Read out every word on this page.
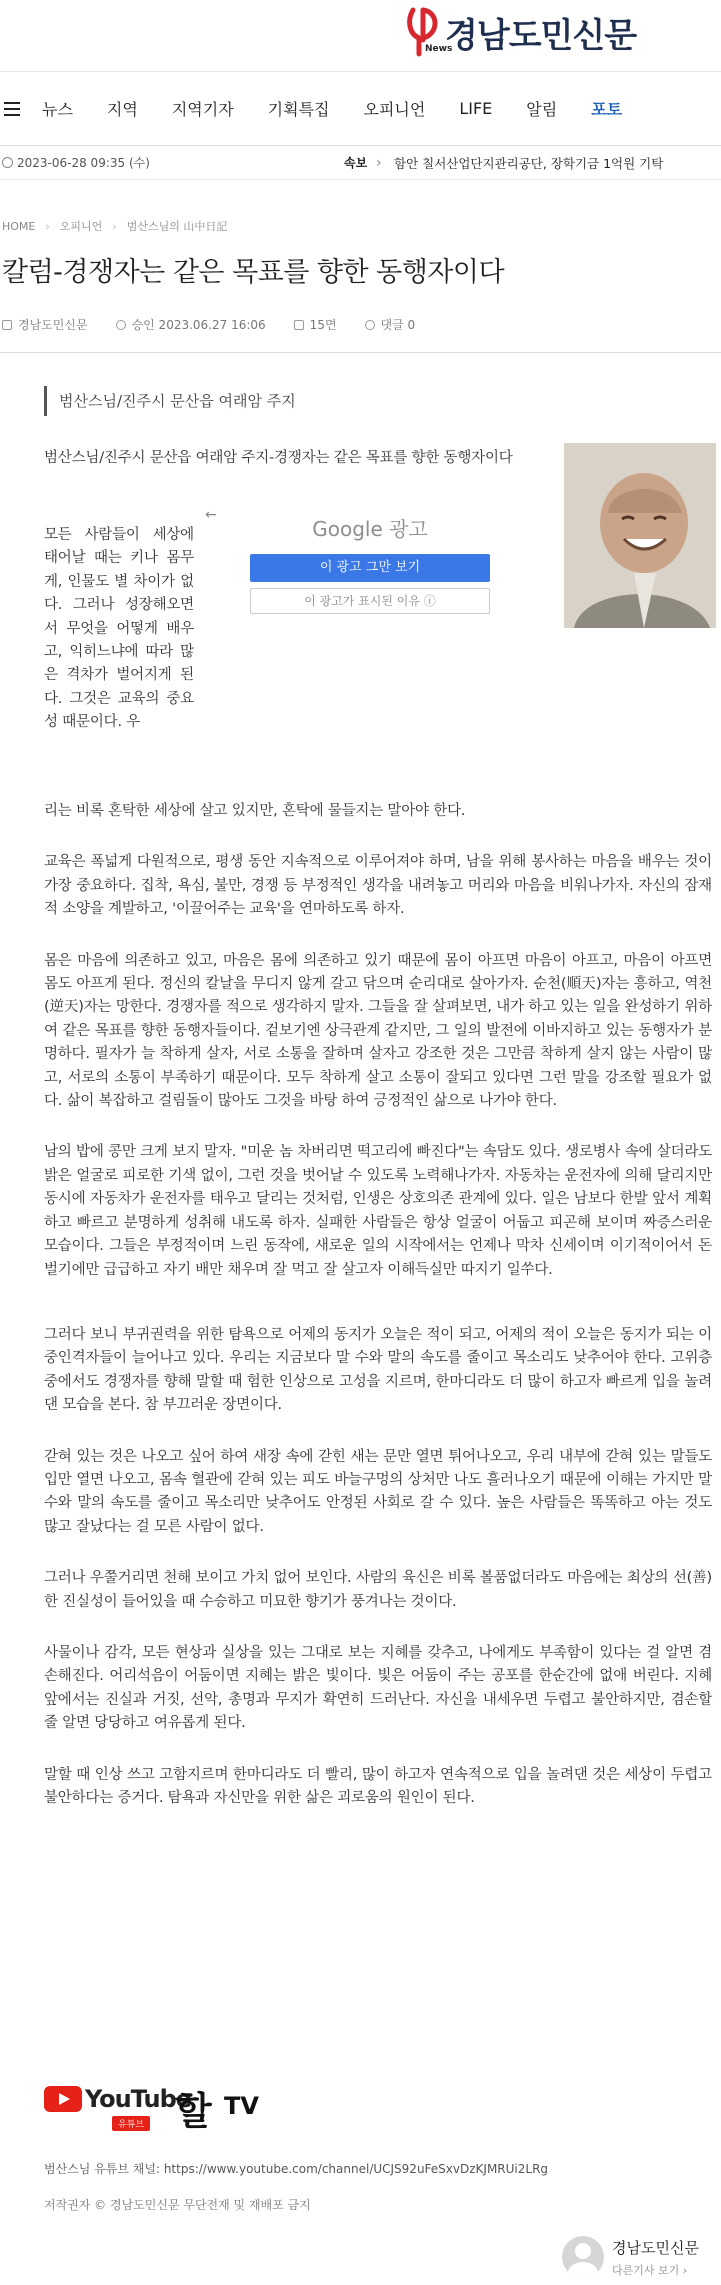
News
경남도민신문
뉴스 지역 지역기자 기획특집 오피니언 LIFE 알림 포토
2023-06-28 09:35 (수)	속보 › 함안 칠서산업단지관리공단, 장학기금 1억원 기탁
HOME › 오피니언 › 범산스님의 山中日記
칼럼-경쟁자는 같은 목표를 향한 동행자이다
경남도민신문	승인 2023.06.27 16:06	15면	댓글 0
범산스님/진주시 문산읍 여래암 주지
←
Google 광고
이 광고 그만 보기
이 광고가 표시된 이유 ⓘ

범산스님/진주시 문산읍 여래암 주지-경쟁자는 같은 목표를 향한 동행자이다

모든 사람들이 세상에 태어날 때는 키나 몸무게, 인물도 별 차이가 없다. 그러나 성장해오면서 무엇을 어떻게 배우고, 익히느냐에 따라 많은 격차가 벌어지게 된다. 그것은 교육의 중요성 때문이다. 우

리는 비록 혼탁한 세상에 살고 있지만, 혼탁에 물들지는 말아야 한다.

교육은 폭넓게 다원적으로, 평생 동안 지속적으로 이루어져야 하며, 남을 위해 봉사하는 마음을 배우는 것이 가장 중요하다. 집착, 욕심, 불만, 경쟁 등 부정적인 생각을 내려놓고 머리와 마음을 비워나가자. 자신의 잠재적 소양을 계발하고, '이끌어주는 교육'을 연마하도록 하자.

몸은 마음에 의존하고 있고, 마음은 몸에 의존하고 있기 때문에 몸이 아프면 마음이 아프고, 마음이 아프면 몸도 아프게 된다. 정신의 칼날을 무디지 않게 갈고 닦으며 순리대로 살아가자. 순천(順天)자는 흥하고, 역천(逆天)자는 망한다. 경쟁자를 적으로 생각하지 말자. 그들을 잘 살펴보면, 내가 하고 있는 일을 완성하기 위하여 같은 목표를 향한 동행자들이다. 겉보기엔 상극관계 같지만, 그 일의 발전에 이바지하고 있는 동행자가 분명하다. 필자가 늘 착하게 살자, 서로 소통을 잘하며 살자고 강조한 것은 그만큼 착하게 살지 않는 사람이 많고, 서로의 소통이 부족하기 때문이다. 모두 착하게 살고 소통이 잘되고 있다면 그런 말을 강조할 필요가 없다. 삶이 복잡하고 걸림돌이 많아도 그것을 바탕 하여 긍정적인 삶으로 나가야 한다.

남의 밥에 콩만 크게 보지 말자. "미운 놈 차버리면 떡고리에 빠진다"는 속담도 있다. 생로병사 속에 살더라도 밝은 얼굴로 피로한 기색 없이, 그런 것을 벗어날 수 있도록 노력해나가자. 자동차는 운전자에 의해 달리지만 동시에 자동차가 운전자를 태우고 달리는 것처럼, 인생은 상호의존 관계에 있다. 일은 남보다 한발 앞서 계획하고 빠르고 분명하게 성취해 내도록 하자. 실패한 사람들은 항상 얼굴이 어둡고 피곤해 보이며 짜증스러운 모습이다. 그들은 부정적이며 느린 동작에, 새로운 일의 시작에서는 언제나 막차 신세이며 이기적이어서 돈 벌기에만 급급하고 자기 배만 채우며 잘 먹고 잘 살고자 이해득실만 따지기 일쑤다.

그러다 보니 부귀권력을 위한 탐욕으로 어제의 동지가 오늘은 적이 되고, 어제의 적이 오늘은 동지가 되는 이중인격자들이 늘어나고 있다. 우리는 지금보다 말 수와 말의 속도를 줄이고 목소리도 낮추어야 한다. 고위층 중에서도 경쟁자를 향해 말할 때 험한 인상으로 고성을 지르며, 한마디라도 더 많이 하고자 빠르게 입을 놀려댄 모습을 본다. 참 부끄러운 장면이다.

갇혀 있는 것은 나오고 싶어 하여 새장 속에 갇힌 새는 문만 열면 튀어나오고, 우리 내부에 갇혀 있는 말들도 입만 열면 나오고, 몸속 혈관에 갇혀 있는 피도 바늘구멍의 상처만 나도 흘러나오기 때문에 이해는 가지만 말 수와 말의 속도를 줄이고 목소리만 낮추어도 안정된 사회로 갈 수 있다. 높은 사람들은 똑똑하고 아는 것도 많고 잘났다는 걸 모른 사람이 없다.

그러나 우쭐거리면 천해 보이고 가치 없어 보인다. 사람의 육신은 비록 볼품없더라도 마음에는 최상의 선(善)한 진실성이 들어있을 때 수승하고 미묘한 향기가 풍겨나는 것이다.

사물이나 감각, 모든 현상과 실상을 있는 그대로 보는 지혜를 갖추고, 나에게도 부족함이 있다는 걸 알면 겸손해진다. 어리석음이 어둠이면 지혜는 밝은 빛이다. 빛은 어둠이 주는 공포를 한순간에 없애 버린다. 지혜 앞에서는 진실과 거짓, 선악, 총명과 무지가 확연히 드러난다. 자신을 내세우면 두렵고 불안하지만, 겸손할 줄 알면 당당하고 여유롭게 된다.

말할 때 인상 쓰고 고함지르며 한마디라도 더 빨리, 많이 하고자 연속적으로 입을 놀려댄 것은 세상이 두렵고 불안하다는 증거다. 탐욕과 자신만을 위한 삶은 괴로움의 원인이 된다.

YouTube
유튜브 할 TV
범산스님 유튜브 채널: https://www.youtube.com/channel/UCJS92uFeSxvDzKJMRUi2LRg
저작권자 © 경남도민신문 무단전재 및 재배포 금지
경남도민신문
다른기사 보기 ›
